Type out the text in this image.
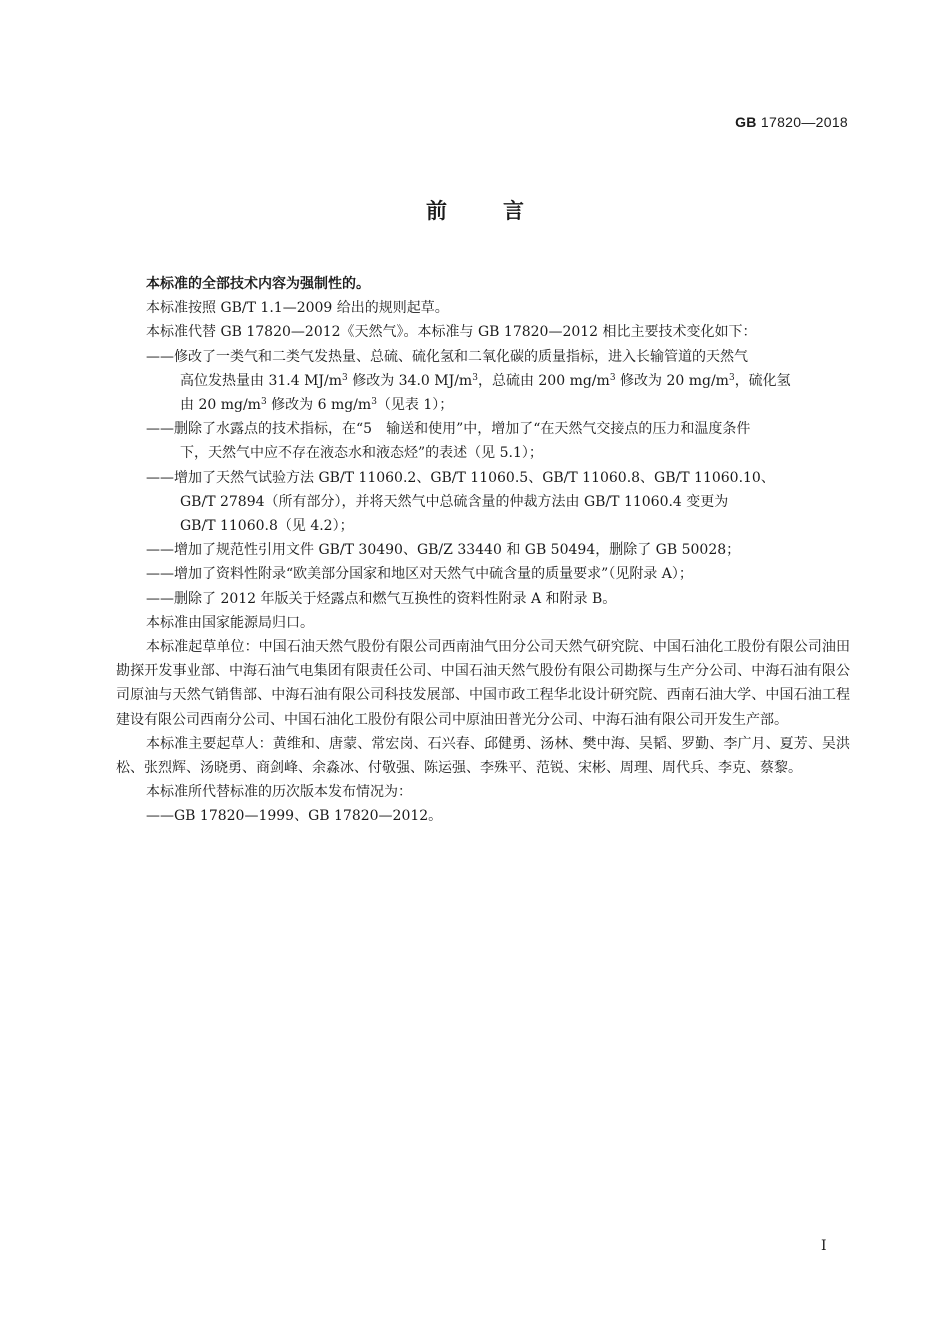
GB 17820—2018
前言
本标准的全部技术内容为强制性的。
本标准按照 GB/T 1.1—2009 给出的规则起草。
本标准代替 GB 17820—2012《天然气》。本标准与 GB 17820—2012 相比主要技术变化如下：
——修改了一类气和二类气发热量、总硫、硫化氢和二氧化碳的质量指标，进入长输管道的天然气
高位发热量由 31.4 $MJ/m^3$ 修改为 34.0 $MJ/m^3$，总硫由 200 $mg/m^3$ 修改为 20 $mg/m^3$，硫化氢
由 20 $mg/m^3$ 修改为 6 $mg/m^3$（见表 1）；
——删除了水露点的技术指标，在“5　输送和使用”中，增加了“在天然气交接点的压力和温度条件
下，天然气中应不存在液态水和液态烃”的表述（见 5.1）；
——增加了天然气试验方法 GB/T 11060.2、GB/T 11060.5、GB/T 11060.8、GB/T 11060.10、
GB/T 27894（所有部分），并将天然气中总硫含量的仲裁方法由 GB/T 11060.4 变更为
GB/T 11060.8（见 4.2）；
——增加了规范性引用文件 GB/T 30490、GB/Z 33440 和 GB 50494，删除了 GB 50028；
——增加了资料性附录“欧美部分国家和地区对天然气中硫含量的质量要求”（见附录 A）；
——删除了 2012 年版关于烃露点和燃气互换性的资料性附录 A 和附录 B。
本标准由国家能源局归口。
本标准起草单位：中国石油天然气股份有限公司西南油气田分公司天然气研究院、中国石油化工股份有限公司油田勘探开发事业部、中海石油气电集团有限责任公司、中国石油天然气股份有限公司勘探与生产分公司、中海石油有限公司原油与天然气销售部、中海石油有限公司科技发展部、中国市政工程华北设计研究院、西南石油大学、中国石油工程建设有限公司西南分公司、中国石油化工股份有限公司中原油田普光分公司、中海石油有限公司开发生产部。
本标准主要起草人：黄维和、唐蒙、常宏岗、石兴春、邱健勇、汤林、樊中海、吴韬、罗勤、李广月、夏芳、吴洪松、张烈辉、汤晓勇、商剑峰、余淼冰、付敬强、陈运强、李殊平、范锐、宋彬、周理、周代兵、李克、蔡黎。
本标准所代替标准的历次版本发布情况为：
——GB 17820—1999、GB 17820—2012。
I
